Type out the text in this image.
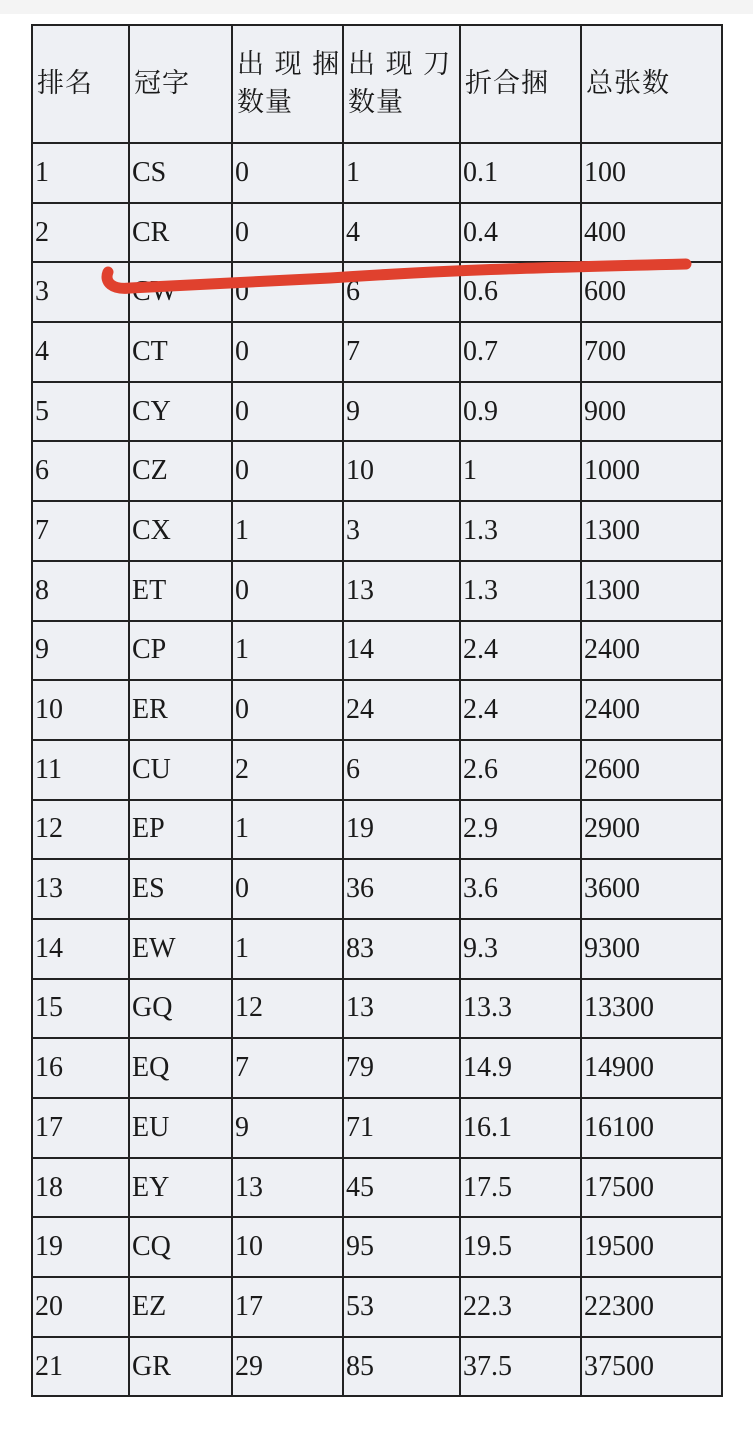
排名	冠字	出 现 捆 数量	出 现 刀 数量	折合捆	总张数
1	CS	0	1	0.1	100
2	CR	0	4	0.4	400
3	CW	0	6	0.6	600
4	CT	0	7	0.7	700
5	CY	0	9	0.9	900
6	CZ	0	10	1	1000
7	CX	1	3	1.3	1300
8	ET	0	13	1.3	1300
9	CP	1	14	2.4	2400
10	ER	0	24	2.4	2400
11	CU	2	6	2.6	2600
12	EP	1	19	2.9	2900
13	ES	0	36	3.6	3600
14	EW	1	83	9.3	9300
15	GQ	12	13	13.3	13300
16	EQ	7	79	14.9	14900
17	EU	9	71	16.1	16100
18	EY	13	45	17.5	17500
19	CQ	10	95	19.5	19500
20	EZ	17	53	22.3	22300
21	GR	29	85	37.5	37500
